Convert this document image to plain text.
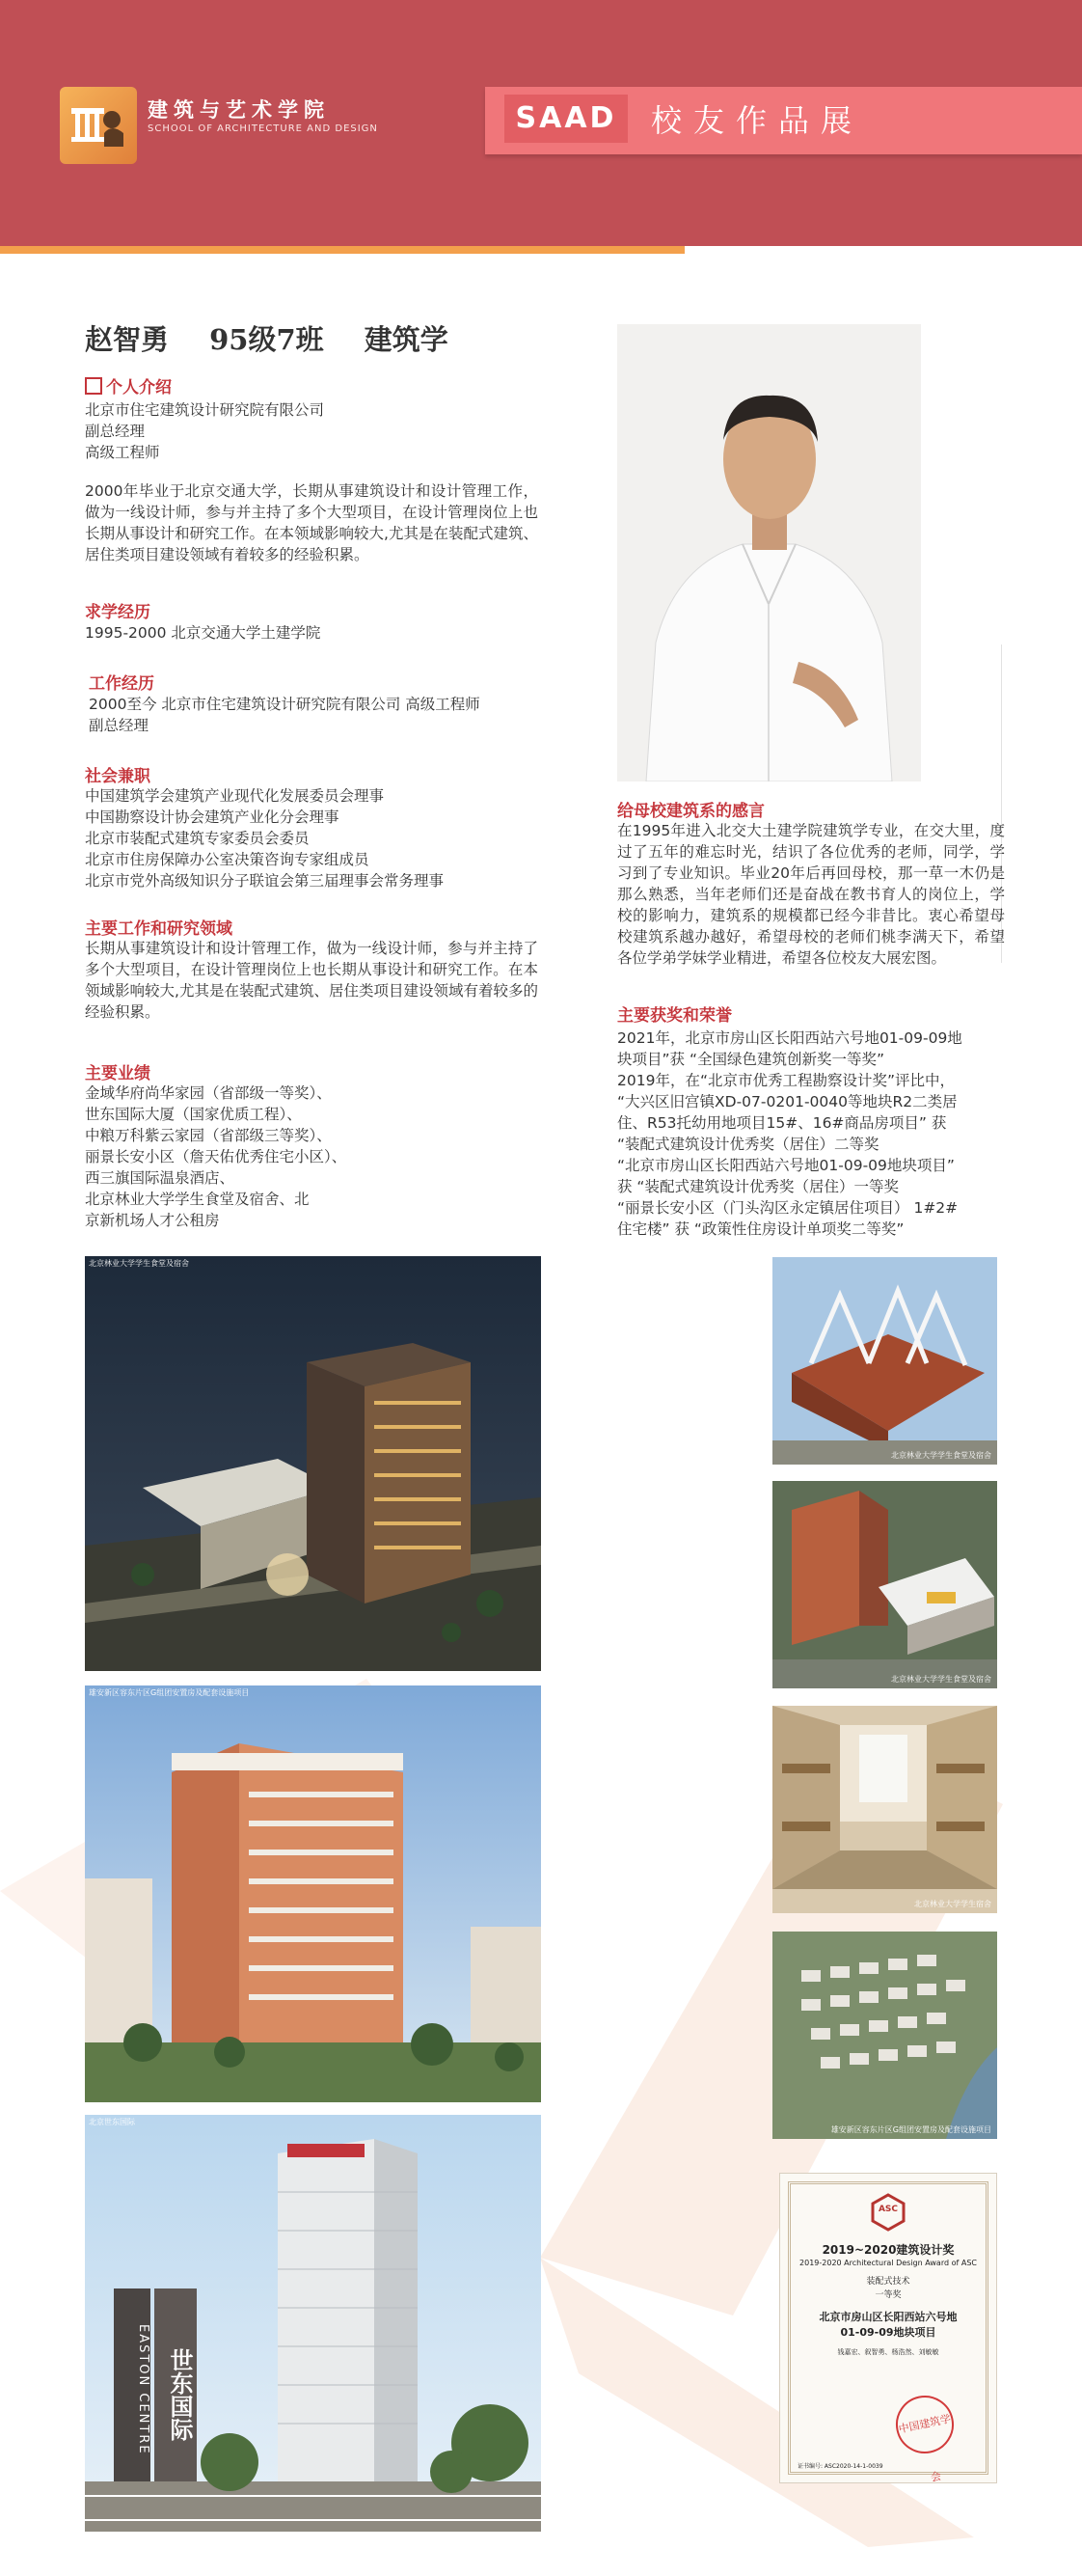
建筑与艺术学院
SCHOOL OF ARCHITECTURE AND DESIGN	SAAD	校友作品展
赵智勇 95级7班 建筑学
个人介绍
北京市住宅建筑设计研究院有限公司
副总经理
高级工程师
2000年毕业于北京交通大学，长期从事建筑设计和设计管理工作，做为一线设计师，参与并主持了多个大型项目，在设计管理岗位上也长期从事设计和研究工作。在本领域影响较大,尤其是在装配式建筑、居住类项目建设领域有着较多的经验积累。
求学经历
1995-2000 北京交通大学土建学院
工作经历
2000至今 北京市住宅建筑设计研究院有限公司 高级工程师
副总经理
社会兼职
中国建筑学会建筑产业现代化发展委员会理事
中国勘察设计协会建筑产业化分会理事
北京市装配式建筑专家委员会委员
北京市住房保障办公室决策咨询专家组成员
北京市党外高级知识分子联谊会第三届理事会常务理事
主要工作和研究领域
长期从事建筑设计和设计管理工作，做为一线设计师，参与并主持了多个大型项目，在设计管理岗位上也长期从事设计和研究工作。在本领域影响较大,尤其是在装配式建筑、居住类项目建设领域有着较多的经验积累。
主要业绩
金域华府尚华家园（省部级一等奖）、
世东国际大厦（国家优质工程）、
中粮万科紫云家园（省部级三等奖）、
丽景长安小区（詹天佑优秀住宅小区）、
西三旗国际温泉酒店、
北京林业大学学生食堂及宿舍、北
京新机场人才公租房
给母校建筑系的感言
在1995年进入北交大土建学院建筑学专业，在交大里，度过了五年的难忘时光，结识了各位优秀的老师，同学，学习到了专业知识。毕业20年后再回母校，那一草一木仍是那么熟悉，当年老师们还是奋战在教书育人的岗位上，学校的影响力，建筑系的规模都已经今非昔比。衷心希望母校建筑系越办越好，希望母校的老师们桃李满天下，希望各位学弟学妹学业精进，希望各位校友大展宏图。
主要获奖和荣誉
2021年，北京市房山区长阳西站六号地01-09-09地
块项目”获 “全国绿色建筑创新奖一等奖”
2019年，在“北京市优秀工程勘察设计奖”评比中，
“大兴区旧宫镇XD-07-0201-0040等地块R2二类居
住、R53托幼用地项目15#、16#商品房项目” 获
“装配式建筑设计优秀奖（居住）二等奖
“北京市房山区长阳西站六号地01-09-09地块项目”
获 “装配式建筑设计优秀奖（居住）一等奖
“丽景长安小区（门头沟区永定镇居住项目） 1#2#
住宅楼” 获 “政策性住房设计单项奖二等奖”
北京林业大学学生食堂及宿舍
雄安新区容东片区G组团安置房及配套设施项目
北京世东国际
EASTON CENTRE 世东国际
北京林业大学学生食堂及宿舍
北京林业大学学生食堂及宿舍
北京林业大学学生宿舍
雄安新区容东片区G组团安置房及配套设施项目
ASC
2019~2020建筑设计奖
2019-2020 Architectural Design Award of ASC
装配式技术
一等奖
北京市房山区长阳西站六号地
01-09-09地块项目
钱嘉宏、叙智勇、杨浩然、刘敏敏
中国建筑学会
证书编号: ASC2020-14-1-0039
